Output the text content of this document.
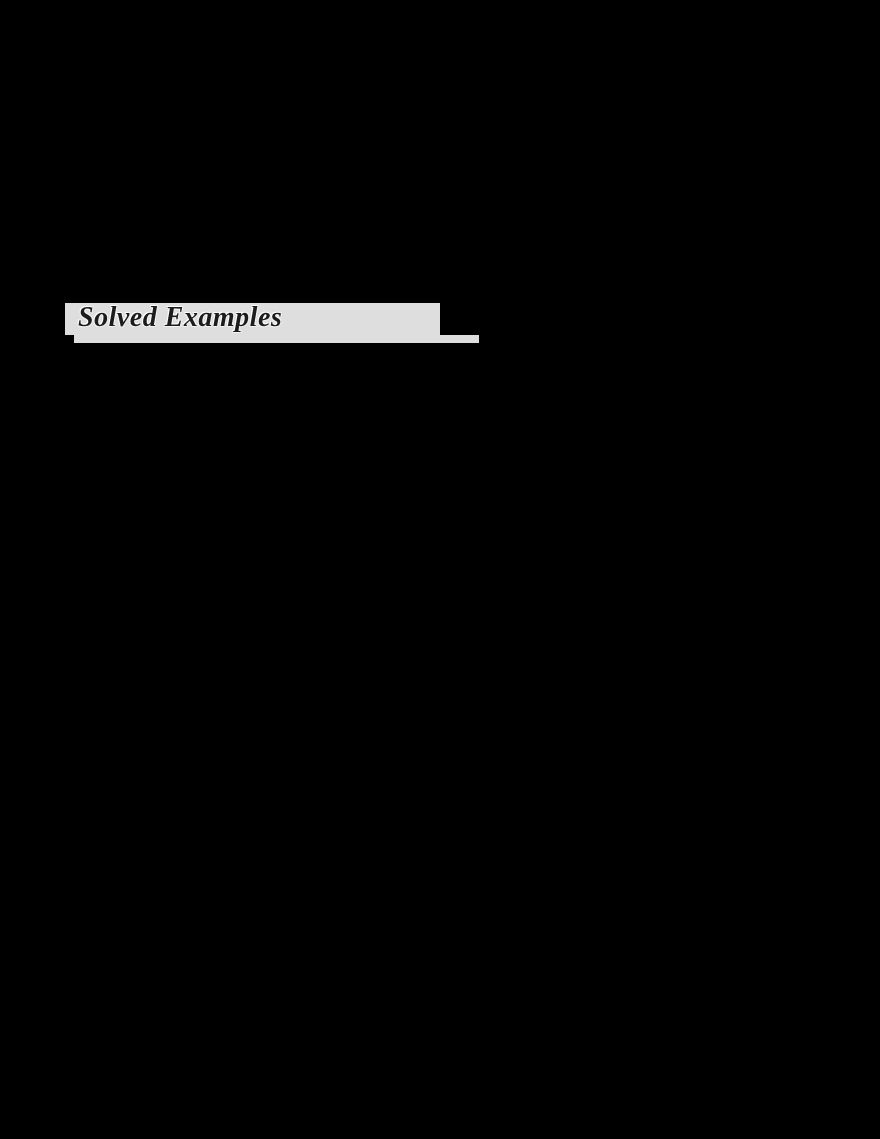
Solved Examples
